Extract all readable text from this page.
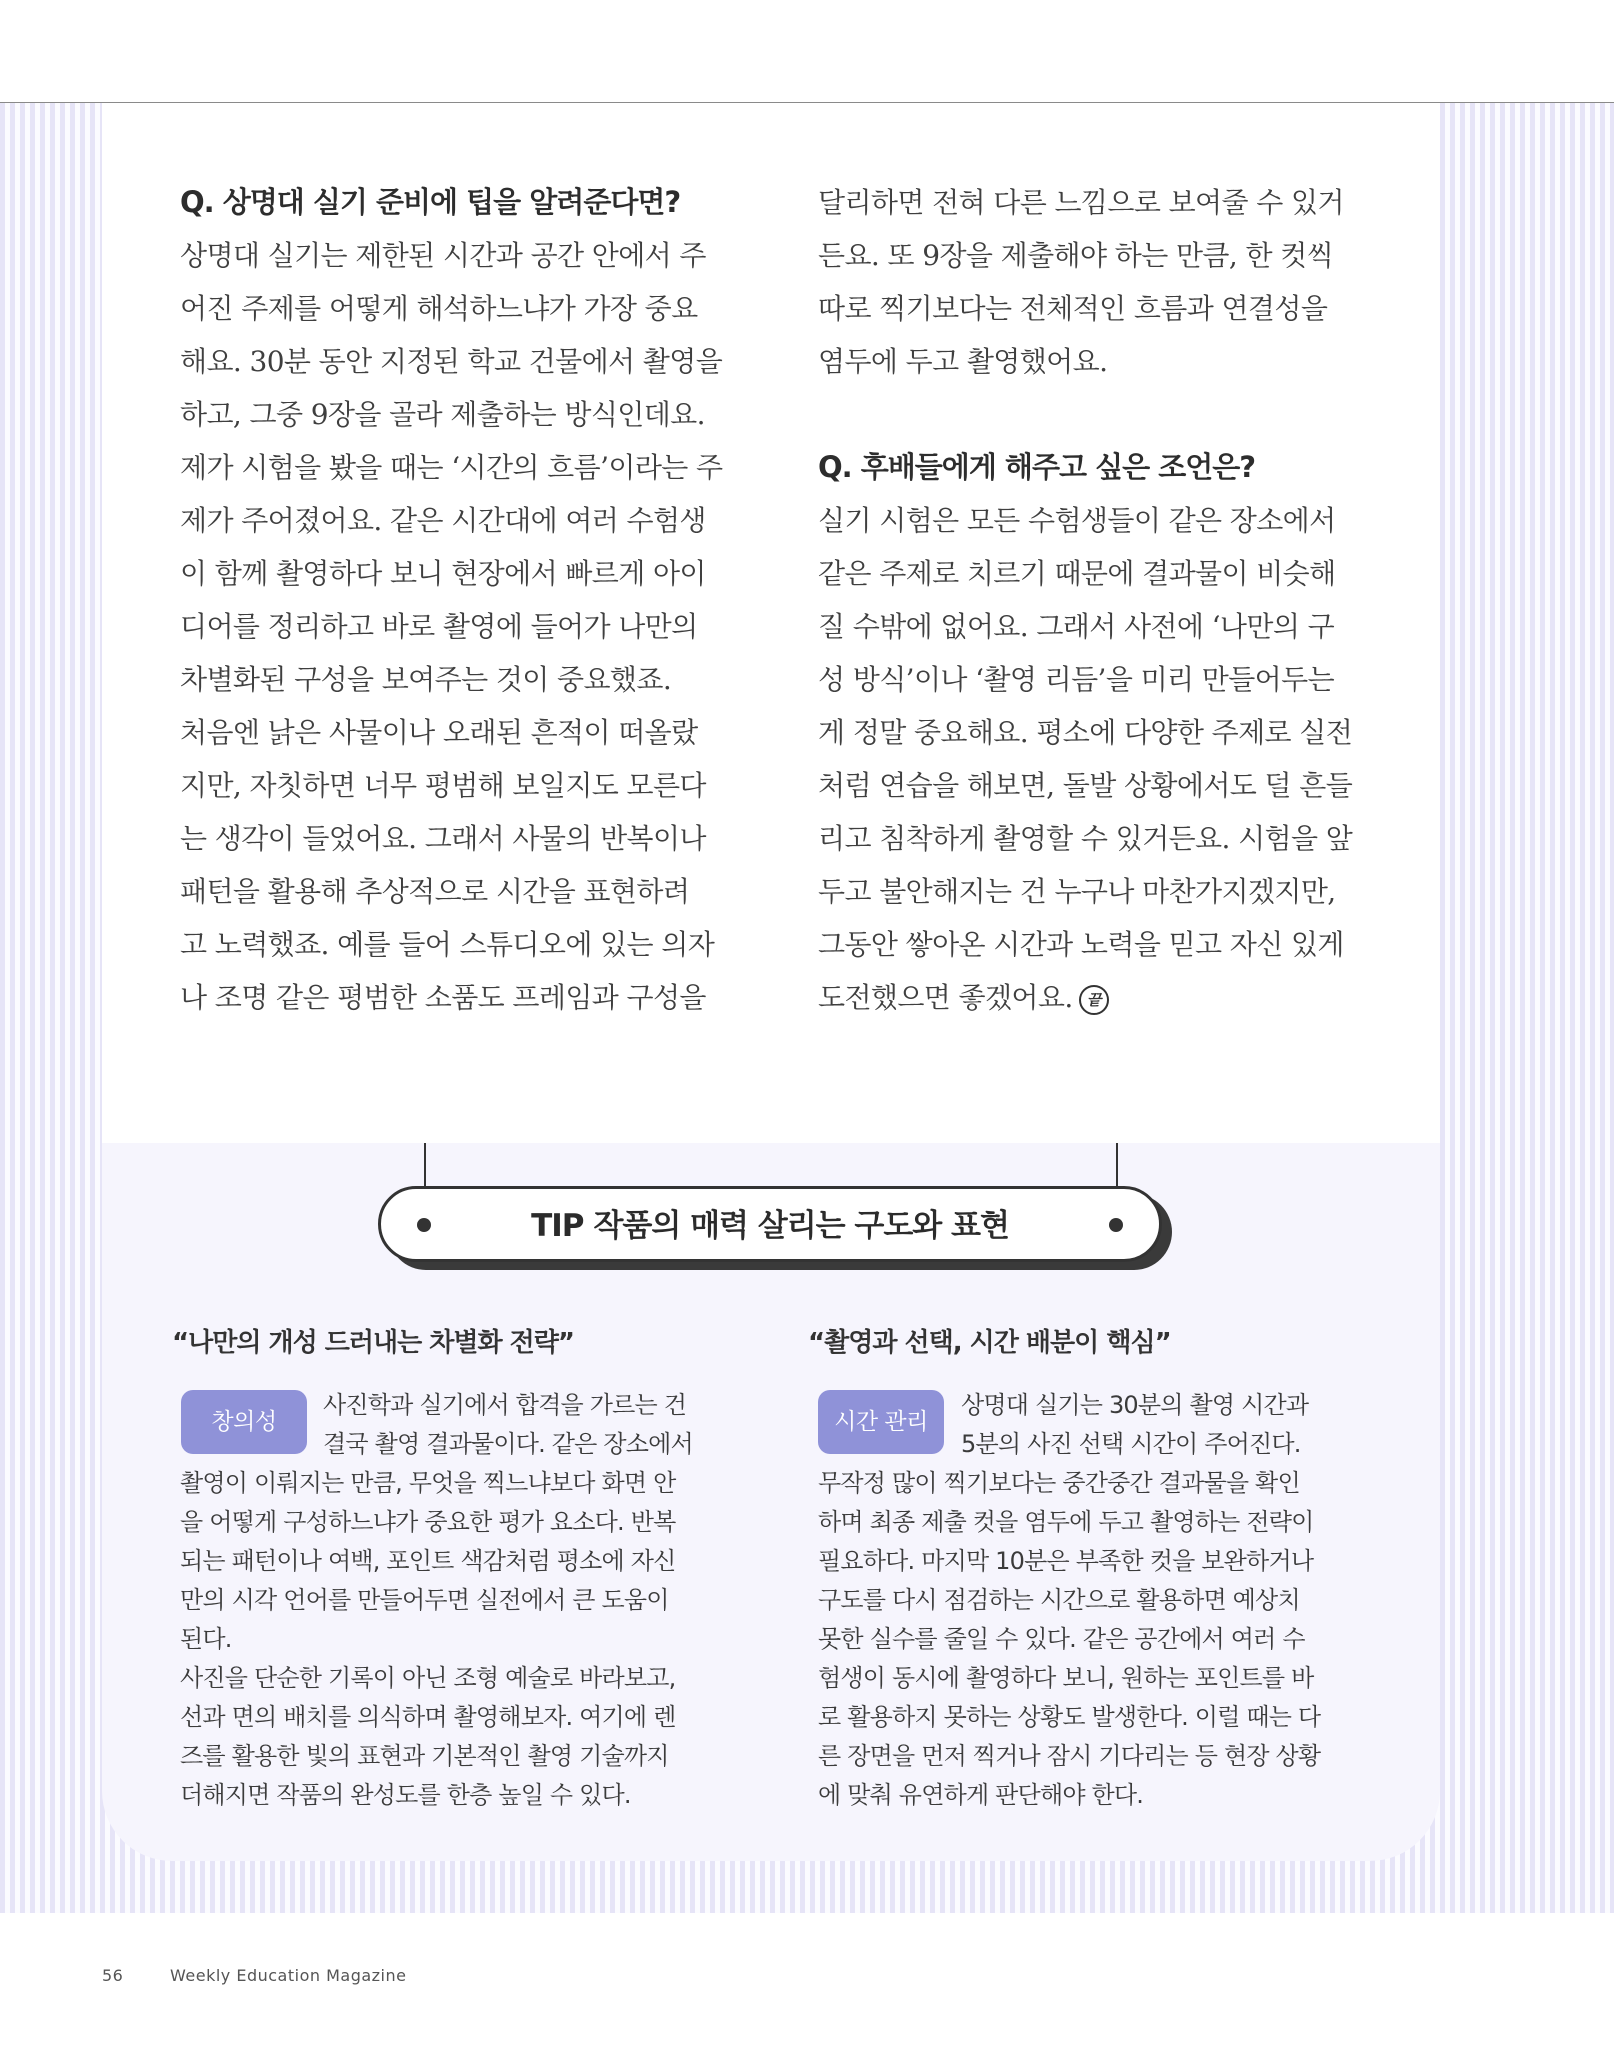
Q. 상명대 실기 준비에 팁을 알려준다면?
상명대 실기는 제한된 시간과 공간 안에서 주
어진 주제를 어떻게 해석하느냐가 가장 중요
해요. 30분 동안 지정된 학교 건물에서 촬영을
하고, 그중 9장을 골라 제출하는 방식인데요.
제가 시험을 봤을 때는 ‘시간의 흐름’이라는 주
제가 주어졌어요. 같은 시간대에 여러 수험생
이 함께 촬영하다 보니 현장에서 빠르게 아이
디어를 정리하고 바로 촬영에 들어가 나만의
차별화된 구성을 보여주는 것이 중요했죠.
처음엔 낡은 사물이나 오래된 흔적이 떠올랐
지만, 자칫하면 너무 평범해 보일지도 모른다
는 생각이 들었어요. 그래서 사물의 반복이나
패턴을 활용해 추상적으로 시간을 표현하려
고 노력했죠. 예를 들어 스튜디오에 있는 의자
나 조명 같은 평범한 소품도 프레임과 구성을
달리하면 전혀 다른 느낌으로 보여줄 수 있거
든요. 또 9장을 제출해야 하는 만큼, 한 컷씩
따로 찍기보다는 전체적인 흐름과 연결성을
염두에 두고 촬영했어요.
Q. 후배들에게 해주고 싶은 조언은?
실기 시험은 모든 수험생들이 같은 장소에서
같은 주제로 치르기 때문에 결과물이 비슷해
질 수밖에 없어요. 그래서 사전에 ‘나만의 구
성 방식’이나 ‘촬영 리듬’을 미리 만들어두는
게 정말 중요해요. 평소에 다양한 주제로 실전
처럼 연습을 해보면, 돌발 상황에서도 덜 흔들
리고 침착하게 촬영할 수 있거든요. 시험을 앞
두고 불안해지는 건 누구나 마찬가지겠지만,
그동안 쌓아온 시간과 노력을 믿고 자신 있게
도전했으면 좋겠어요. 끝
TIP 작품의 매력 살리는 구도와 표현
“나만의 개성 드러내는 차별화 전략”
창의성
사진학과 실기에서 합격을 가르는 건
결국 촬영 결과물이다. 같은 장소에서
촬영이 이뤄지는 만큼, 무엇을 찍느냐보다 화면 안
을 어떻게 구성하느냐가 중요한 평가 요소다. 반복
되는 패턴이나 여백, 포인트 색감처럼 평소에 자신
만의 시각 언어를 만들어두면 실전에서 큰 도움이
된다.
사진을 단순한 기록이 아닌 조형 예술로 바라보고,
선과 면의 배치를 의식하며 촬영해보자. 여기에 렌
즈를 활용한 빛의 표현과 기본적인 촬영 기술까지
더해지면 작품의 완성도를 한층 높일 수 있다.
“촬영과 선택, 시간 배분이 핵심”
시간 관리
상명대 실기는 30분의 촬영 시간과
5분의 사진 선택 시간이 주어진다.
무작정 많이 찍기보다는 중간중간 결과물을 확인
하며 최종 제출 컷을 염두에 두고 촬영하는 전략이
필요하다. 마지막 10분은 부족한 컷을 보완하거나
구도를 다시 점검하는 시간으로 활용하면 예상치
못한 실수를 줄일 수 있다. 같은 공간에서 여러 수
험생이 동시에 촬영하다 보니, 원하는 포인트를 바
로 활용하지 못하는 상황도 발생한다. 이럴 때는 다
른 장면을 먼저 찍거나 잠시 기다리는 등 현장 상황
에 맞춰 유연하게 판단해야 한다.
56	Weekly Education Magazine
